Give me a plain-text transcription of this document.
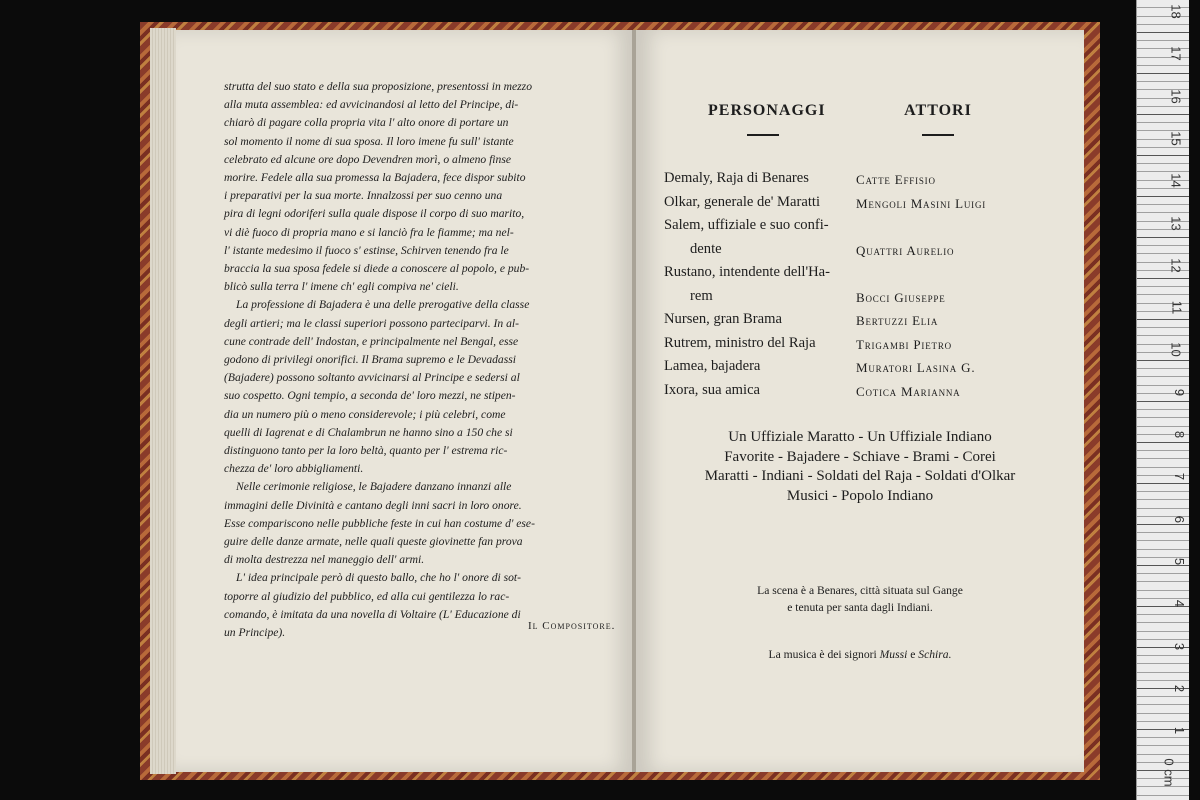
strutta del suo stato e della sua proposizione, presentossi in mezzo
alla muta assemblea: ed avvicinandosi al letto del Principe, di-
chiarò di pagare colla propria vita l' alto onore di portare un
sol momento il nome di sua sposa. Il loro imene fu sull' istante
celebrato ed alcune ore dopo Devendren morì, o almeno finse
morire. Fedele alla sua promessa la Bajadera, fece dispor subito
i preparativi per la sua morte. Innalzossi per suo cenno una
pira di legni odoriferi sulla quale dispose il corpo di suo marito,
vi diè fuoco di propria mano e si lanciò fra le fiamme; ma nel-
l' istante medesimo il fuoco s' estinse, Schirven tenendo fra le
braccia la sua sposa fedele si diede a conoscere al popolo, e pub-
blicò sulla terra l' imene ch' egli compiva ne' cieli.

La professione di Bajadera è una delle prerogative della classe
degli artieri; ma le classi superiori possono parteciparvi. In al-
cune contrade dell' Indostan, e principalmente nel Bengal, esse
godono di privilegi onorifici. Il Brama supremo e le Devadassi
(Bajadere) possono soltanto avvicinarsi al Principe e sedersi al
suo cospetto. Ogni tempio, a seconda de' loro mezzi, ne stipen-
dia un numero più o meno considerevole; i più celebri, come
quelli di Iagrenat e di Chalambrun ne hanno sino a 150 che si
distinguono tanto per la loro beltà, quanto per l' estrema ric-
chezza de' loro abbigliamenti.

Nelle cerimonie religiose, le Bajadere danzano innanzi alle
immagini delle Divinità e cantano degli inni sacri in loro onore.
Esse compariscono nelle pubbliche feste in cui han costume d' ese-
guire delle danze armate, nelle quali queste giovinette fan prova
di molta destrezza nel maneggio dell' armi.

L' idea principale però di questo ballo, che ho l' onore di sot-
toporre al giudizio del pubblico, ed alla cui gentilezza lo rac-
comando, è imitata da una novella di Voltaire (L' Educazione di
un Principe).

Il Compositore.
PERSONAGGI	ATTORI
Demaly, Raja di Benares	Catte Effisio
Olkar, generale de' Maratti	Mengoli Masini Luigi
Salem, uffiziale e suo confi-
dente	Quattri Aurelio
Rustano, intendente dell'Ha-
rem	Bocci Giuseppe
Nursen, gran Brama	Bertuzzi Elia
Rutrem, ministro del Raja	Trigambi Pietro
Lamea, bajadera	Muratori Lasina G.
Ixora, sua amica	Cotica Marianna
Un Uffiziale Maratto - Un Uffiziale Indiano
Favorite - Bajadere - Schiave - Brami - Corei
Maratti - Indiani - Soldati del Raja - Soldati d'Olkar
Musici - Popolo Indiano
La scena è a Benares, città situata sul Gange
e tenuta per santa dagli Indiani.
La musica è dei signori Mussi e Schira.
18
17
16
15
14
13
12
11
10
9
8
7
6
5
4
3
2
1
0 cm
